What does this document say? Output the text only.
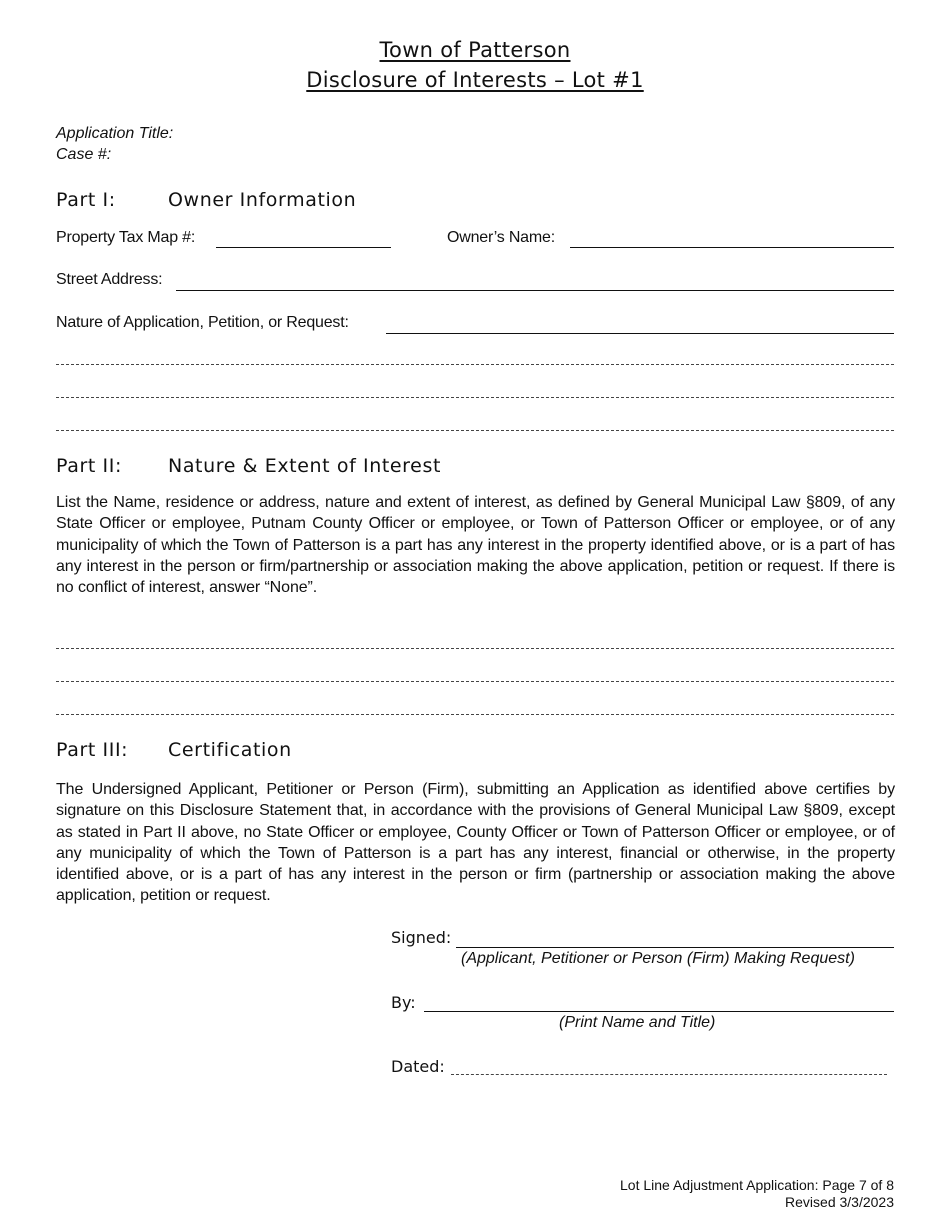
Town of Patterson
Disclosure of Interests – Lot #1
Application Title:
Case #:
Part I:	Owner Information
Property Tax Map #:	Owner’s Name:
Street Address:
Nature of Application, Petition, or Request:
Part II: Nature & Extent of Interest
List the Name, residence or address, nature and extent of interest, as defined by General Municipal Law §809, of any State Officer or employee, Putnam County Officer or employee, or Town of Patterson Officer or employee, or of any municipality of which the Town of Patterson is a part has any interest in the property identified above, or is a part of has any interest in the person or firm/partnership or association making the above application, petition or request. If there is no conflict of interest, answer “None”.
Part III: Certification
The Undersigned Applicant, Petitioner or Person (Firm), submitting an Application as identified above certifies by signature on this Disclosure Statement that, in accordance with the provisions of General Municipal Law §809, except as stated in Part II above, no State Officer or employee, County Officer or Town of Patterson Officer or employee, or of any municipality of which the Town of Patterson is a part has any interest, financial or otherwise, in the property identified above, or is a part of has any interest in the person or firm (partnership or association making the above application, petition or request.
Signed:
(Applicant, Petitioner or Person (Firm) Making Request)
By:
(Print Name and Title)
Dated:
Lot Line Adjustment Application: Page 7 of 8
Revised 3/3/2023
